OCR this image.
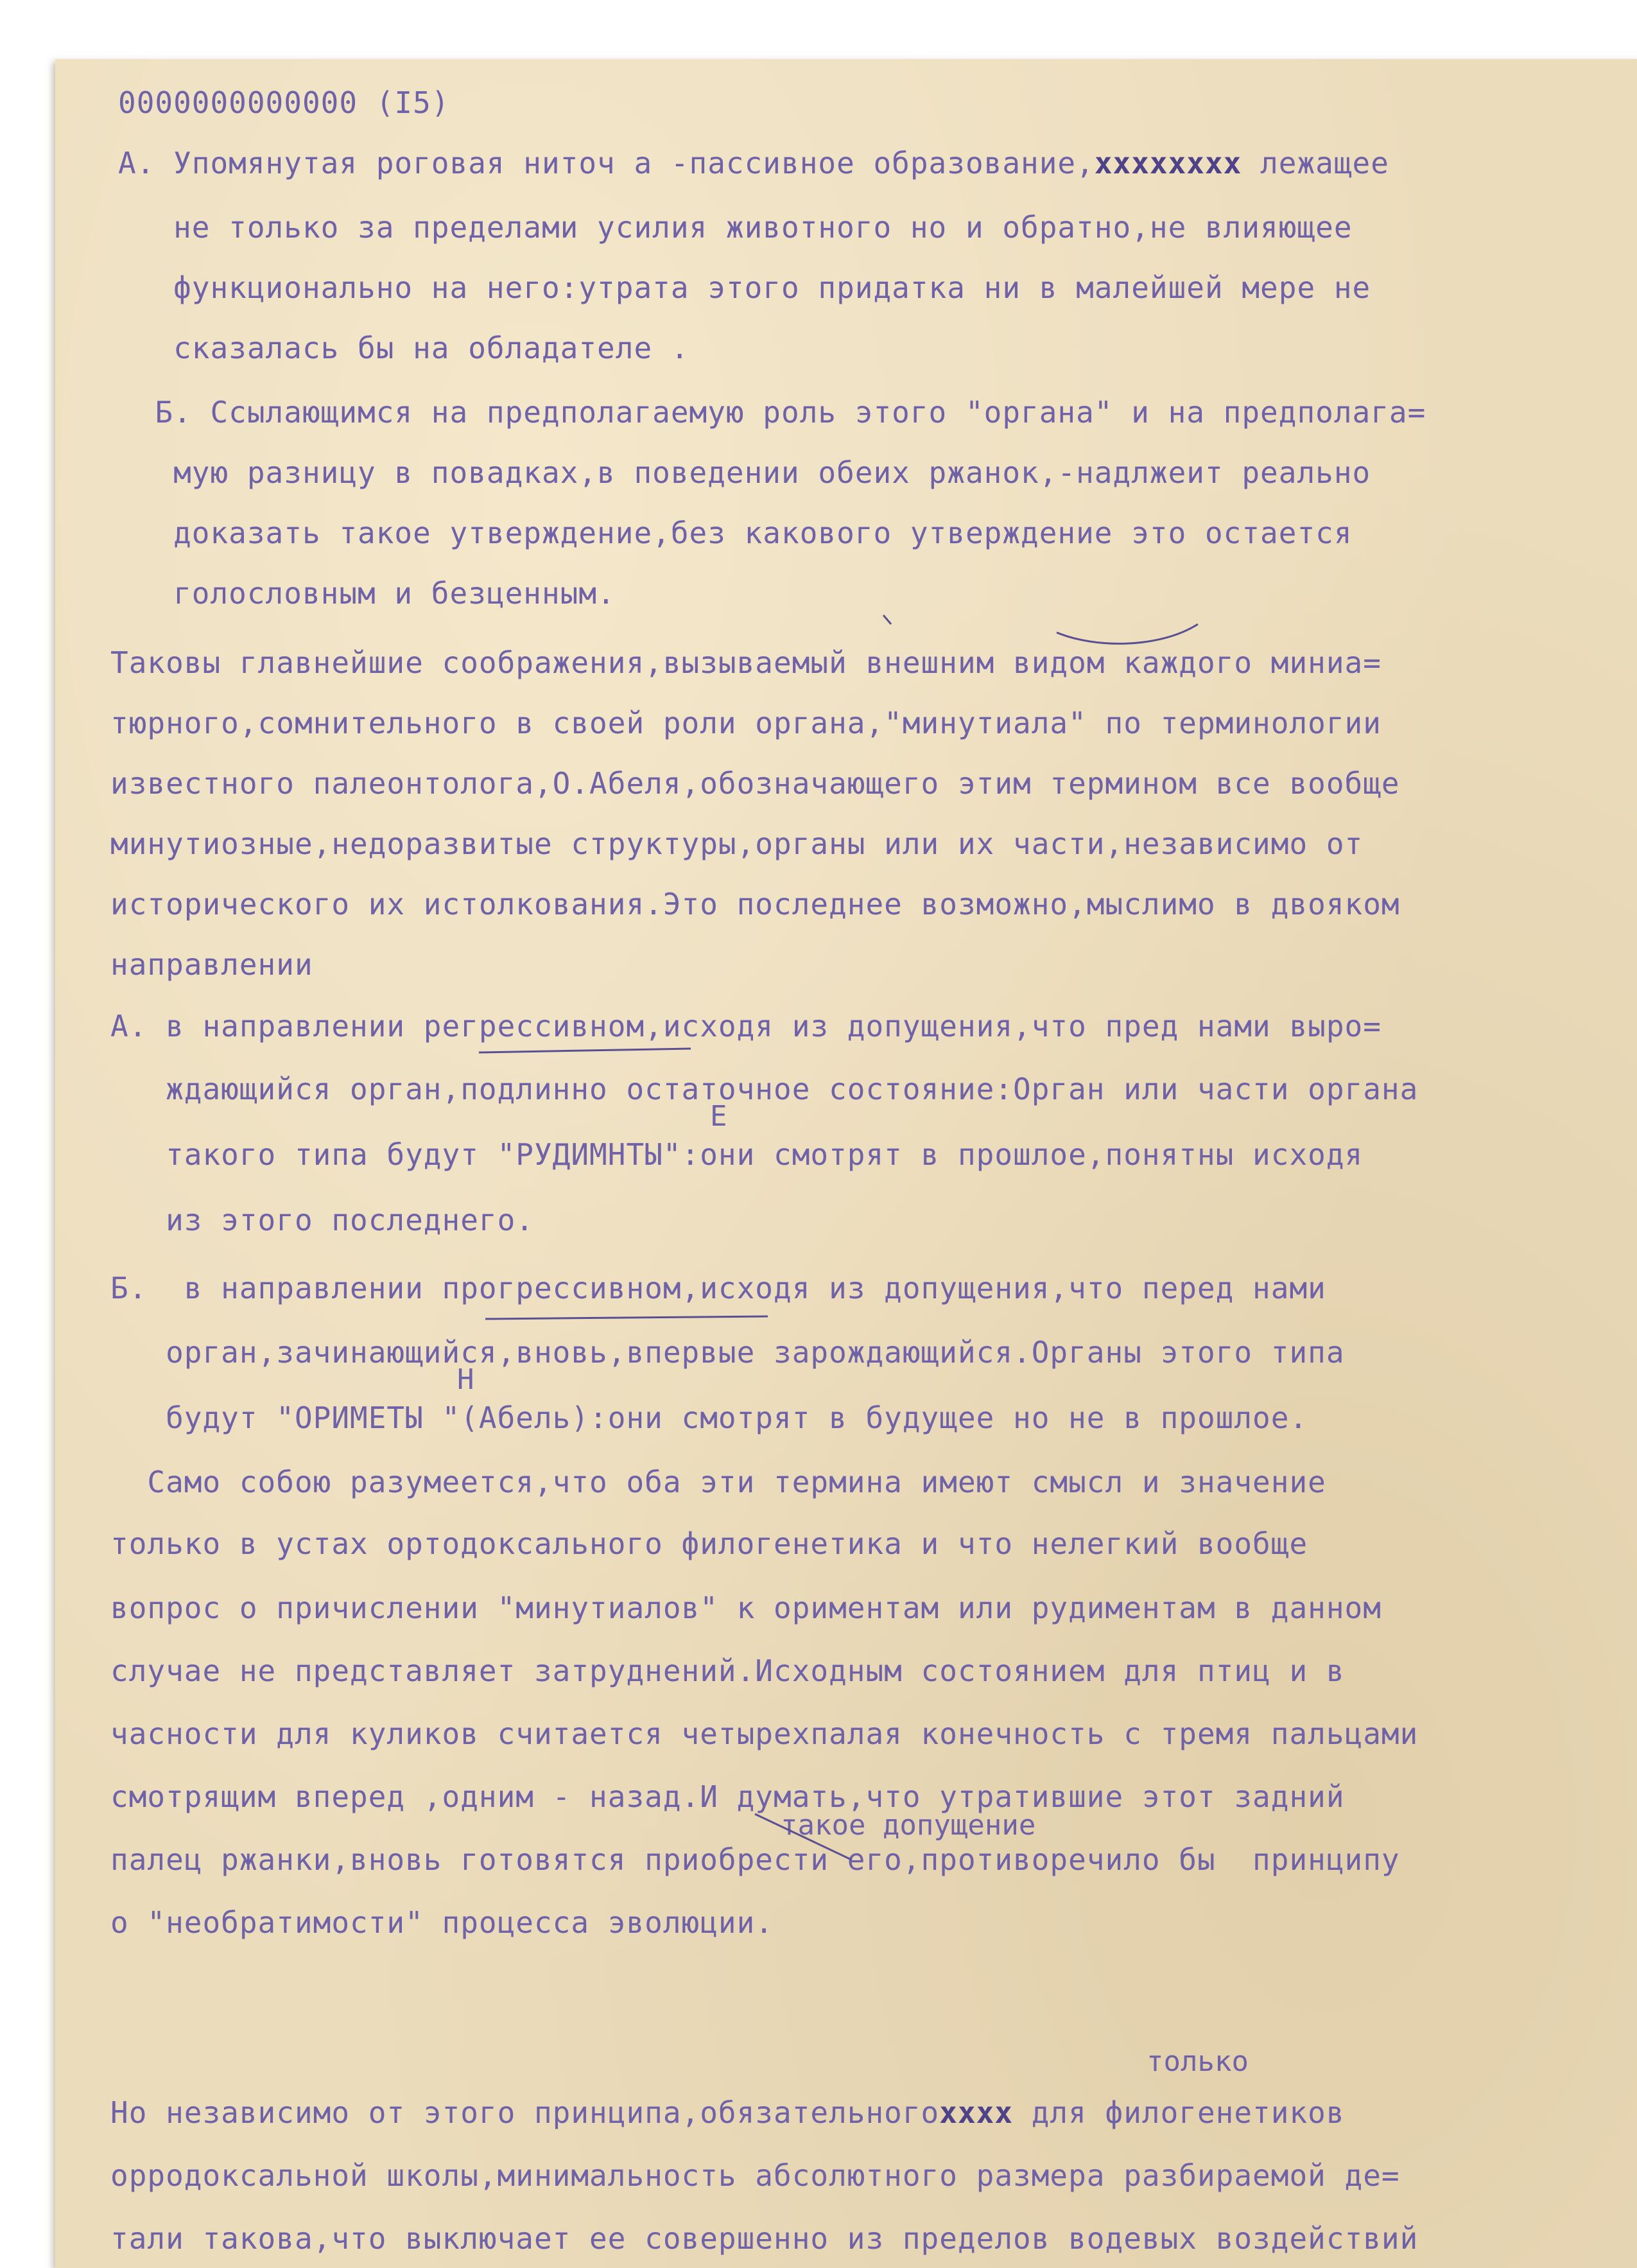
0000000000000 (I5)
А. Упомянутая роговая ниточ а -пассивное образование,хххххххх лежащее
не только за пределами усилия животного но и обратно,не влияющее
функционально на него:утрата этого придатка ни в малейшей мере не
сказалась бы на обладателе .
Б. Ссылающимся на предполагаемую роль этого "органа" и на предполага=
мую разницу в повадках,в поведении обеих ржанок,-надлжеит реально
доказать такое утверждение,без какового утверждение это остается
голословным и безценным.
Таковы главнейшие соображения,вызываемый внешним видом каждого миниа=
тюрного,сомнительного в своей роли органа,"минутиала" по терминологии
известного палеонтолога,О.Абеля,обозначающего этим термином все вообще
минутиозные,недоразвитые структуры,органы или их части,независимо от
исторического их истолкования.Это последнее возможно,мыслимо в двояком
направлении
А. в направлении регрессивном,исходя из допущения,что пред нами выро=
ждающийся орган,подлинно остаточное состояние:Орган или части органа
Е
такого типа будут "РУДИМНТЫ":они смотрят в прошлое,понятны исходя
из этого последнего.
Б.  в направлении прогрессивном,исходя из допущения,что перед нами
орган,зачинающийся,вновь,впервые зарождающийся.Органы этого типа
Н
будут "ОРИМЕТЫ "(Абель):они смотрят в будущее но не в прошлое.
Само собою разумеется,что оба эти термина имеют смысл и значение
только в устах ортодоксального филогенетика и что нелегкий вообще
вопрос о причислении "минутиалов" к ориментам или рудиментам в данном
случае не представляет затруднений.Исходным состоянием для птиц и в
часности для куликов считается четырехпалая конечность с тремя пальцами
смотрящим вперед ,одним - назад.И думать,что утратившие этот задний
такое допущение
палец ржанки,вновь готовятся приобрести его,противоречило бы  принципу
о "необратимости" процесса эволюции.
только
Но независимо от этого принципа,обязательногохххх для филогенетиков
орродоксальной школы,минимальность абсолютного размера разбираемой де=
тали такова,что выключает ее совершенно из пределов водевых воздействий
